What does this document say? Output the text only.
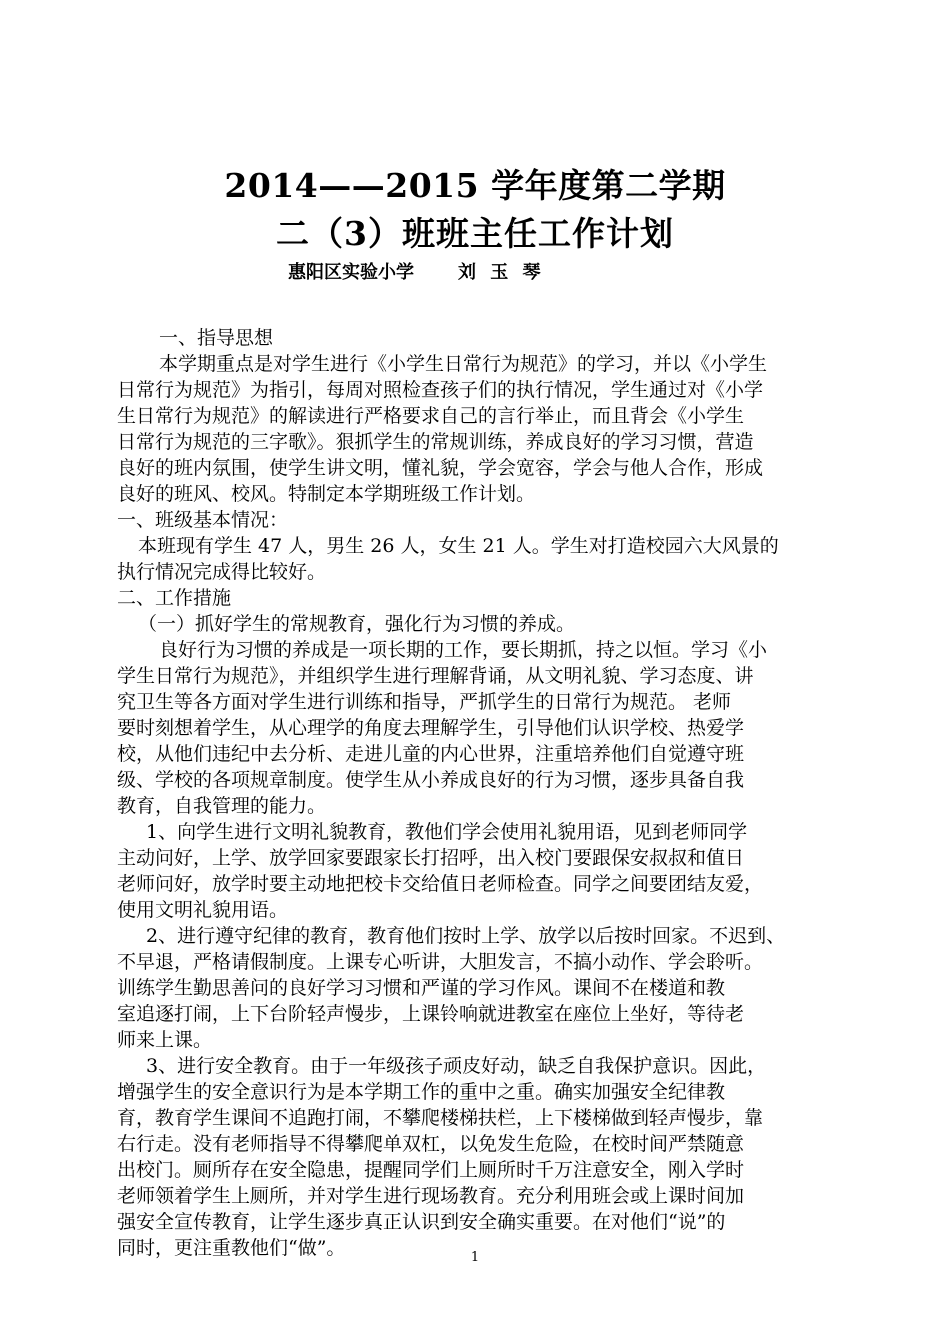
2014——2015 学年度第二学期
二（3）班班主任工作计划
惠阳区实验小学 刘 玉 琴
一、指导思想
本学期重点是对学生进行《小学生日常行为规范》的学习，并以《小学生
日常行为规范》为指引，每周对照检查孩子们的执行情况，学生通过对《小学
生日常行为规范》的解读进行严格要求自己的言行举止，而且背会《小学生
日常行为规范的三字歌》。狠抓学生的常规训练，养成良好的学习习惯，营造
良好的班内氛围，使学生讲文明，懂礼貌，学会宽容，学会与他人合作，形成
良好的班风、校风。特制定本学期班级工作计划。
一、班级基本情况：
本班现有学生 47 人，男生 26 人，女生 21 人。学生对打造校园六大风景的
执行情况完成得比较好。
二、工作措施
（一）抓好学生的常规教育，强化行为习惯的养成。
良好行为习惯的养成是一项长期的工作，要长期抓，持之以恒。学习《小
学生日常行为规范》，并组织学生进行理解背诵，从文明礼貌、学习态度、讲
究卫生等各方面对学生进行训练和指导，严抓学生的日常行为规范。 老师
要时刻想着学生，从心理学的角度去理解学生，引导他们认识学校、热爱学
校，从他们违纪中去分析、走进儿童的内心世界，注重培养他们自觉遵守班
级、学校的各项规章制度。使学生从小养成良好的行为习惯，逐步具备自我
教育，自我管理的能力。
1、向学生进行文明礼貌教育，教他们学会使用礼貌用语，见到老师同学
主动问好，上学、放学回家要跟家长打招呼，出入校门要跟保安叔叔和值日
老师问好，放学时要主动地把校卡交给值日老师检查。同学之间要团结友爱，
使用文明礼貌用语。
2、进行遵守纪律的教育，教育他们按时上学、放学以后按时回家。不迟到、
不早退，严格请假制度。上课专心听讲，大胆发言，不搞小动作、学会聆听。
训练学生勤思善问的良好学习习惯和严谨的学习作风。课间不在楼道和教
室追逐打闹，上下台阶轻声慢步，上课铃响就进教室在座位上坐好，等待老
师来上课。
3、进行安全教育。由于一年级孩子顽皮好动，缺乏自我保护意识。因此，
增强学生的安全意识行为是本学期工作的重中之重。确实加强安全纪律教
育，教育学生课间不追跑打闹，不攀爬楼梯扶栏，上下楼梯做到轻声慢步，靠
右行走。没有老师指导不得攀爬单双杠，以免发生危险，在校时间严禁随意
出校门。厕所存在安全隐患，提醒同学们上厕所时千万注意安全，刚入学时
老师领着学生上厕所，并对学生进行现场教育。充分利用班会或上课时间加
强安全宣传教育，让学生逐步真正认识到安全确实重要。在对他们“说”的
同时，更注重教他们“做”。	1
